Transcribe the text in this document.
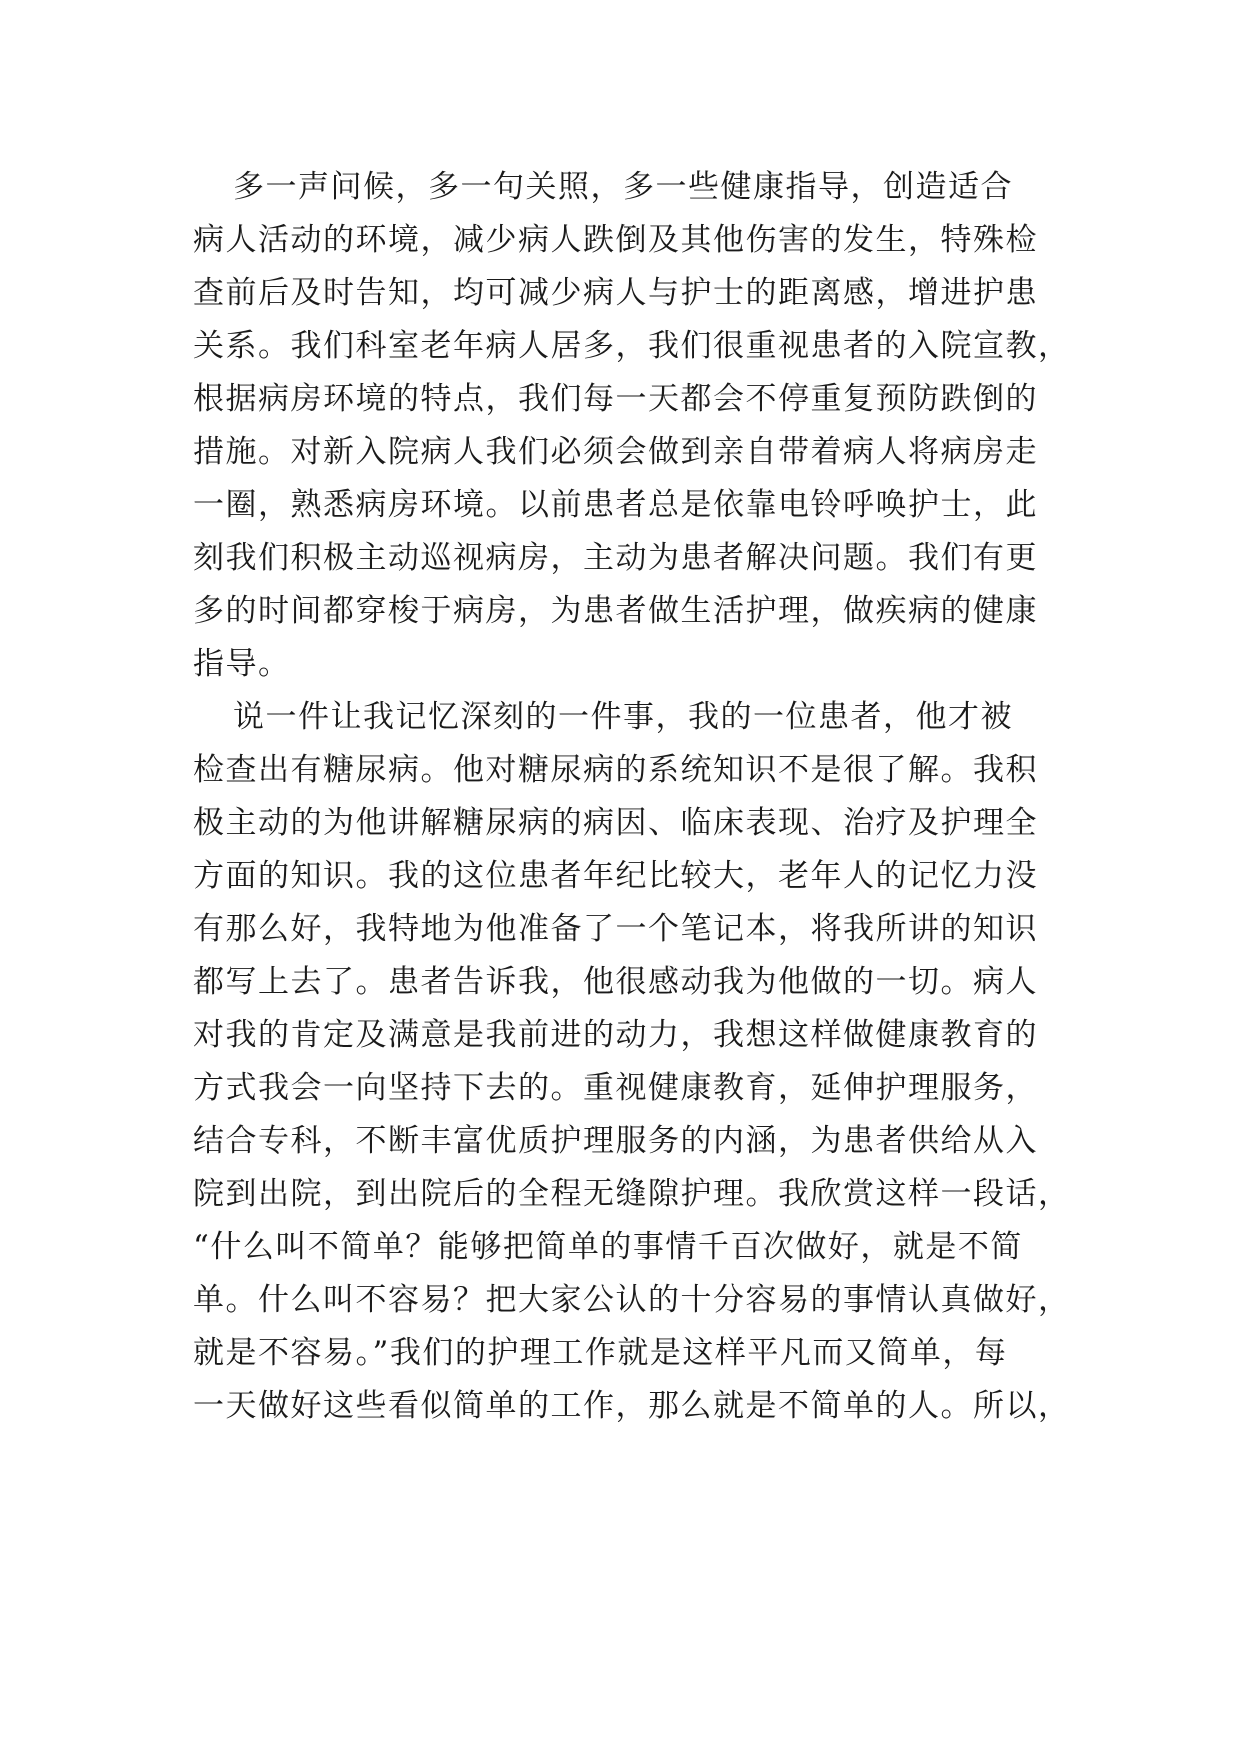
多一声问候，多一句关照，多一些健康指导，创造适合
病人活动的环境，减少病人跌倒及其他伤害的发生，特殊检
查前后及时告知，均可减少病人与护士的距离感，增进护患
关系。我们科室老年病人居多，我们很重视患者的入院宣教，
根据病房环境的特点，我们每一天都会不停重复预防跌倒的
措施。对新入院病人我们必须会做到亲自带着病人将病房走
一圈，熟悉病房环境。以前患者总是依靠电铃呼唤护士，此
刻我们积极主动巡视病房，主动为患者解决问题。我们有更
多的时间都穿梭于病房，为患者做生活护理，做疾病的健康
指导。
说一件让我记忆深刻的一件事，我的一位患者，他才被
检查出有糖尿病。他对糖尿病的系统知识不是很了解。我积
极主动的为他讲解糖尿病的病因、临床表现、治疗及护理全
方面的知识。我的这位患者年纪比较大，老年人的记忆力没
有那么好，我特地为他准备了一个笔记本，将我所讲的知识
都写上去了。患者告诉我，他很感动我为他做的一切。病人
对我的肯定及满意是我前进的动力，我想这样做健康教育的
方式我会一向坚持下去的。重视健康教育，延伸护理服务，
结合专科，不断丰富优质护理服务的内涵，为患者供给从入
院到出院，到出院后的全程无缝隙护理。我欣赏这样一段话，
“什么叫不简单？能够把简单的事情千百次做好，就是不简
单。什么叫不容易？把大家公认的十分容易的事情认真做好，
就是不容易。”我们的护理工作就是这样平凡而又简单，每
一天做好这些看似简单的工作，那么就是不简单的人。所以，
